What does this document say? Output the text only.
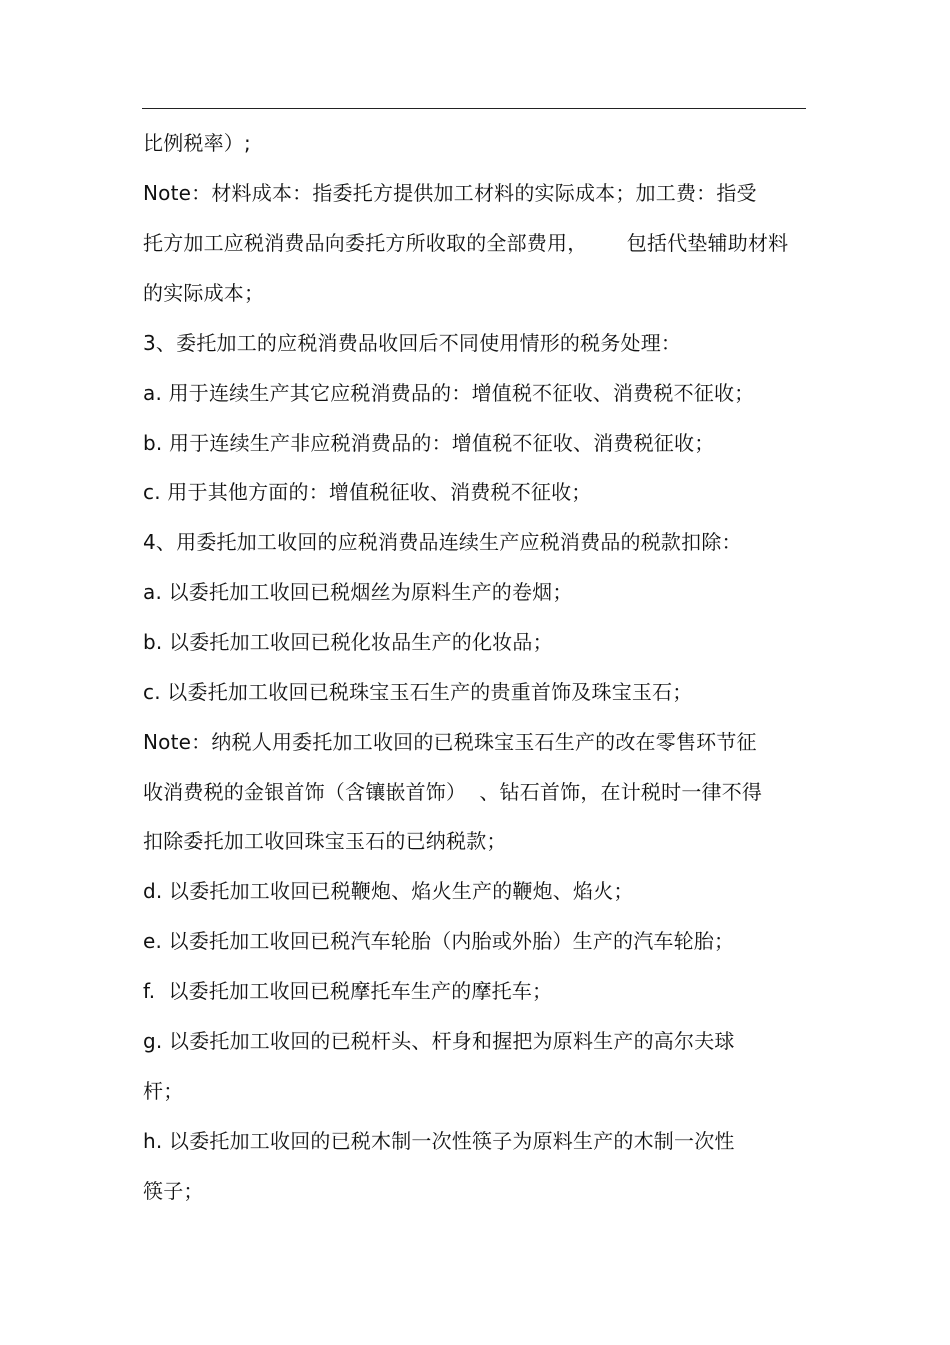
比例税率）;
Note：材料成本：指委托方提供加工材料的实际成本；加工费：指受
托方加工应税消费品向委托方所收取的全部费用，      包括代垫辅助材料
的实际成本；
3、委托加工的应税消费品收回后不同使用情形的税务处理：
a. 用于连续生产其它应税消费品的：增值税不征收、消费税不征收；
b. 用于连续生产非应税消费品的：增值税不征收、消费税征收；
c. 用于其他方面的：增值税征收、消费税不征收；
4、用委托加工收回的应税消费品连续生产应税消费品的税款扣除：
a. 以委托加工收回已税烟丝为原料生产的卷烟；
b. 以委托加工收回已税化妆品生产的化妆品；
c. 以委托加工收回已税珠宝玉石生产的贵重首饰及珠宝玉石；
Note：纳税人用委托加工收回的已税珠宝玉石生产的改在零售环节征
收消费税的金银首饰（含镶嵌首饰）  、钻石首饰，在计税时一律不得
扣除委托加工收回珠宝玉石的已纳税款；
d. 以委托加工收回已税鞭炮、焰火生产的鞭炮、焰火；
e. 以委托加工收回已税汽车轮胎（内胎或外胎）生产的汽车轮胎；
f.  以委托加工收回已税摩托车生产的摩托车；
g. 以委托加工收回的已税杆头、杆身和握把为原料生产的高尔夫球
杆；
h. 以委托加工收回的已税木制一次性筷子为原料生产的木制一次性
筷子；
